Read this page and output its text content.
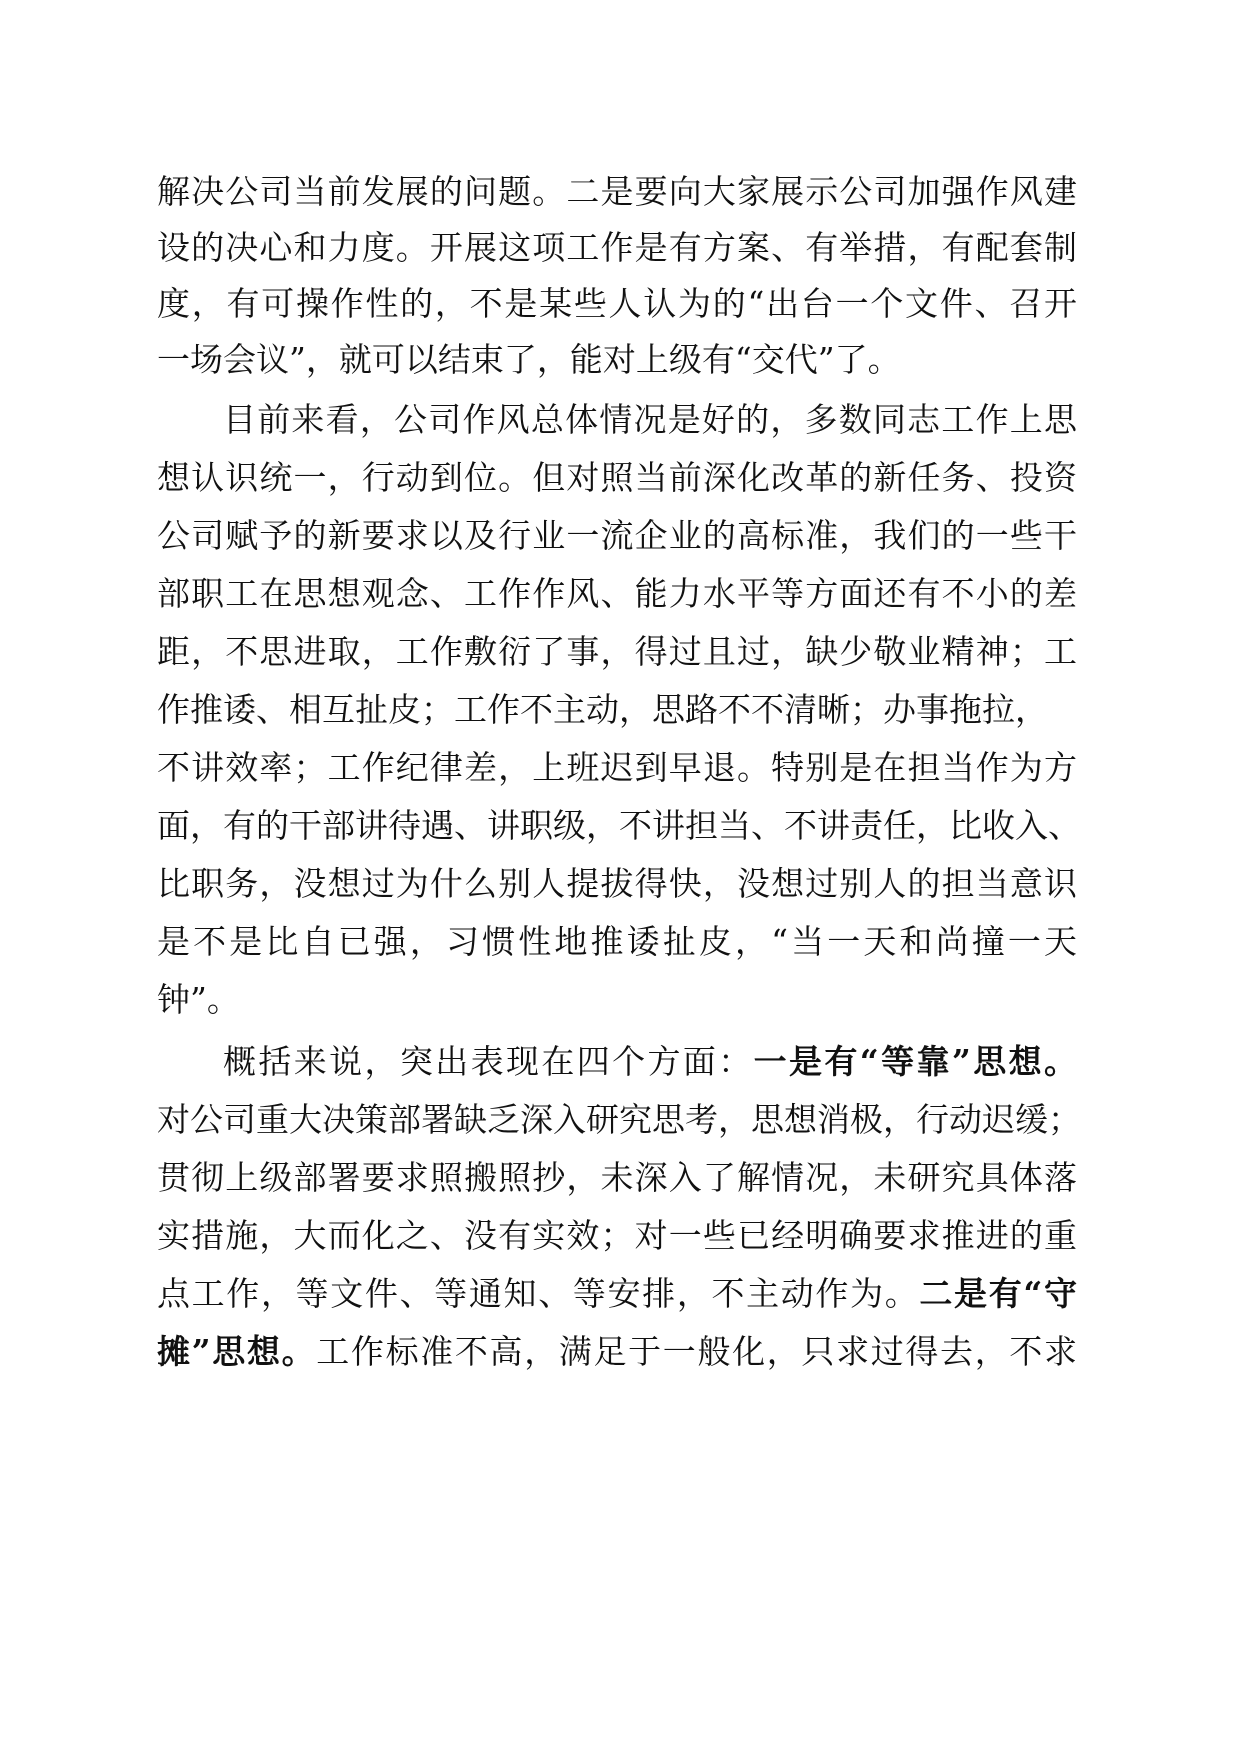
解决公司当前发展的问题。二是要向大家展示公司加强作风建
设的决心和力度。开展这项工作是有方案、有举措，有配套制
度，有可操作性的，不是某些人认为的“出台一个文件、召开
一场会议”，就可以结束了，能对上级有“交代”了。
目前来看，公司作风总体情况是好的，多数同志工作上思
想认识统一，行动到位。但对照当前深化改革的新任务、投资
公司赋予的新要求以及行业一流企业的高标准，我们的一些干
部职工在思想观念、工作作风、能力水平等方面还有不小的差
距，不思进取，工作敷衍了事，得过且过，缺少敬业精神；工
作推诿、相互扯皮；工作不主动，思路不不清晰；办事拖拉，
不讲效率；工作纪律差，上班迟到早退。特别是在担当作为方
面，有的干部讲待遇、讲职级，不讲担当、不讲责任，比收入、
比职务，没想过为什么别人提拔得快，没想过别人的担当意识
是不是比自已强，习惯性地推诿扯皮，“当一天和尚撞一天
钟”。
概括来说，突出表现在四个方面：一是有“等靠”思想。
对公司重大决策部署缺乏深入研究思考，思想消极，行动迟缓；
贯彻上级部署要求照搬照抄，未深入了解情况，未研究具体落
实措施，大而化之、没有实效；对一些已经明确要求推进的重
点工作，等文件、等通知、等安排，不主动作为。二是有“守
摊”思想。工作标准不高，满足于一般化，只求过得去，不求
